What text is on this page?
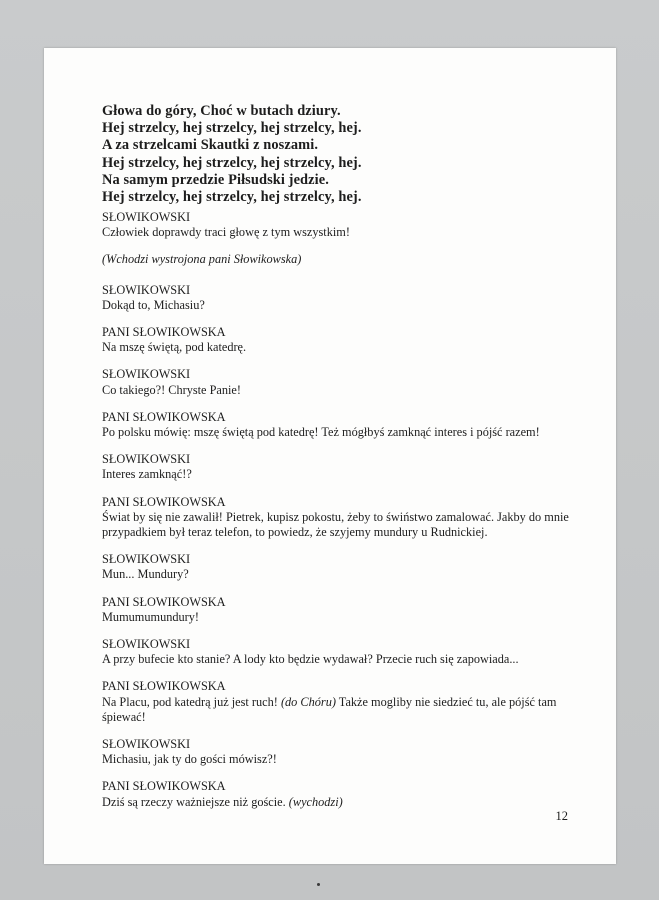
Głowa do góry, Choć w butach dziury.
Hej strzelcy, hej strzelcy, hej strzelcy, hej.
A za strzelcami Skautki z noszami.
Hej strzelcy, hej strzelcy, hej strzelcy, hej.
Na samym przedzie Piłsudski jedzie.
Hej strzelcy, hej strzelcy, hej strzelcy, hej.
SŁOWIKOWSKI
Człowiek doprawdy traci głowę z tym wszystkim!
(Wchodzi wystrojona pani Słowikowska)
SŁOWIKOWSKI
Dokąd to, Michasiu?
PANI SŁOWIKOWSKA
Na mszę świętą, pod katedrę.
SŁOWIKOWSKI
Co takiego?! Chryste Panie!
PANI SŁOWIKOWSKA
Po polsku mówię: mszę świętą pod katedrę! Też mógłbyś zamknąć interes i pójść razem!
SŁOWIKOWSKI
Interes zamknąć!?
PANI SŁOWIKOWSKA
Świat by się nie zawalił! Pietrek, kupisz pokostu, żeby to świństwo zamalować. Jakby do mnie przypadkiem był teraz telefon, to powiedz, że szyjemy mundury u Rudnickiej.
SŁOWIKOWSKI
Mun... Mundury?
PANI SŁOWIKOWSKA
Mumumumundury!
SŁOWIKOWSKI
A przy bufecie kto stanie? A lody kto będzie wydawał? Przecie ruch się zapowiada...
PANI SŁOWIKOWSKA
Na Placu, pod katedrą już jest ruch! (do Chóru) Także mogliby nie siedzieć tu, ale pójść tam śpiewać!
SŁOWIKOWSKI
Michasiu, jak ty do gości mówisz?!
PANI SŁOWIKOWSKA
Dziś są rzeczy ważniejsze niż goście. (wychodzi)
12
